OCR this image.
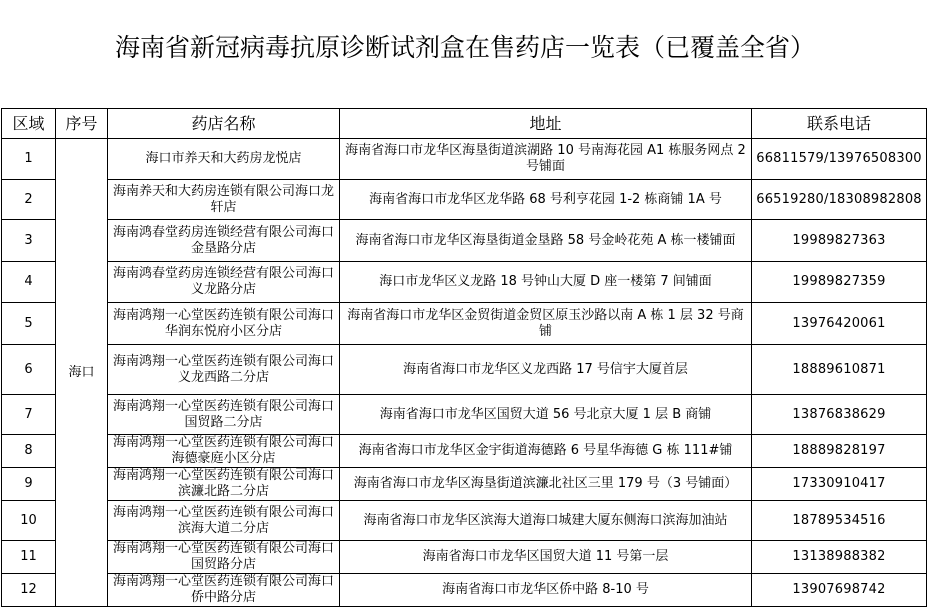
海南省新冠病毒抗原诊断试剂盒在售药店一览表（已覆盖全省）
区域	序号	药店名称	地址	联系电话
1	海口	海口市养天和大药房龙悦店	海南省海口市龙华区海垦街道滨湖路 10 号南海花园 A1 栋服务网点 2 号铺面	66811579/13976508300
2		海南养天和大药房连锁有限公司海口龙轩店	海南省海口市龙华区龙华路 68 号利亨花园 1-2 栋商铺 1A 号	66519280/18308982808
3		海南鸿春堂药房连锁经营有限公司海口金垦路分店	海南省海口市龙华区海垦街道金垦路 58 号金岭花苑 A 栋一楼铺面	19989827363
4		海南鸿春堂药房连锁经营有限公司海口义龙路分店	海口市龙华区义龙路 18 号钟山大厦 D 座一楼第 7 间铺面	19989827359
5		海南鸿翔一心堂医药连锁有限公司海口华润东悦府小区分店	海南省海口市龙华区金贸街道金贸区原玉沙路以南 A 栋 1 层 32 号商铺	13976420061
6		海南鸿翔一心堂医药连锁有限公司海口义龙西路二分店	海南省海口市龙华区义龙西路 17 号信宇大厦首层	18889610871
7		海南鸿翔一心堂医药连锁有限公司海口国贸路二分店	海南省海口市龙华区国贸大道 56 号北京大厦 1 层 B 商铺	13876838629
8		海南鸿翔一心堂医药连锁有限公司海口海德豪庭小区分店	海南省海口市龙华区金宇街道海德路 6 号星华海德 G 栋 111#铺	18889828197
9		海南鸿翔一心堂医药连锁有限公司海口滨濂北路二分店	海南省海口市龙华区海垦街道滨濂北社区三里 179 号（3 号铺面）	17330910417
10		海南鸿翔一心堂医药连锁有限公司海口滨海大道二分店	海南省海口市龙华区滨海大道海口城建大厦东侧海口滨海加油站	18789534516
11		海南鸿翔一心堂医药连锁有限公司海口国贸路分店	海南省海口市龙华区国贸大道 11 号第一层	13138988382
12		海南鸿翔一心堂医药连锁有限公司海口侨中路分店	海南省海口市龙华区侨中路 8-10 号	13907698742
